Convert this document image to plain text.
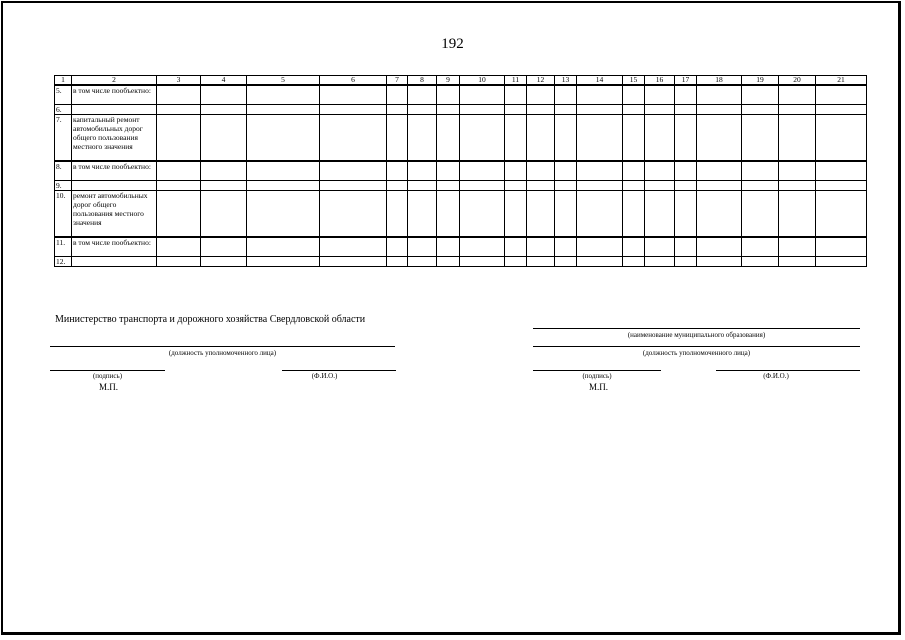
192
1	2	3	4	5	6	7	8	9	10	11	12	13	14	15	16	17	18	19	20	21
5.	в том числе пообъектно:																			
6.																				
7.	капитальный ремонт автомобильных дорог общего пользования местного значения																			
8.	в том числе пообъектно:																			
9.																				
10.	ремонт автомобильных дорог общего пользования местного значения																			
11.	в том числе пообъектно:																			
12.																				
Министерство транспорта и дорожного хозяйства Свердловской области
(должность уполномоченного лица)
(подпись)	(Ф.И.О.)
М.П.
(наименование муниципального образования)
(должность уполномоченного лица)
(подпись)	(Ф.И.О.)
М.П.
